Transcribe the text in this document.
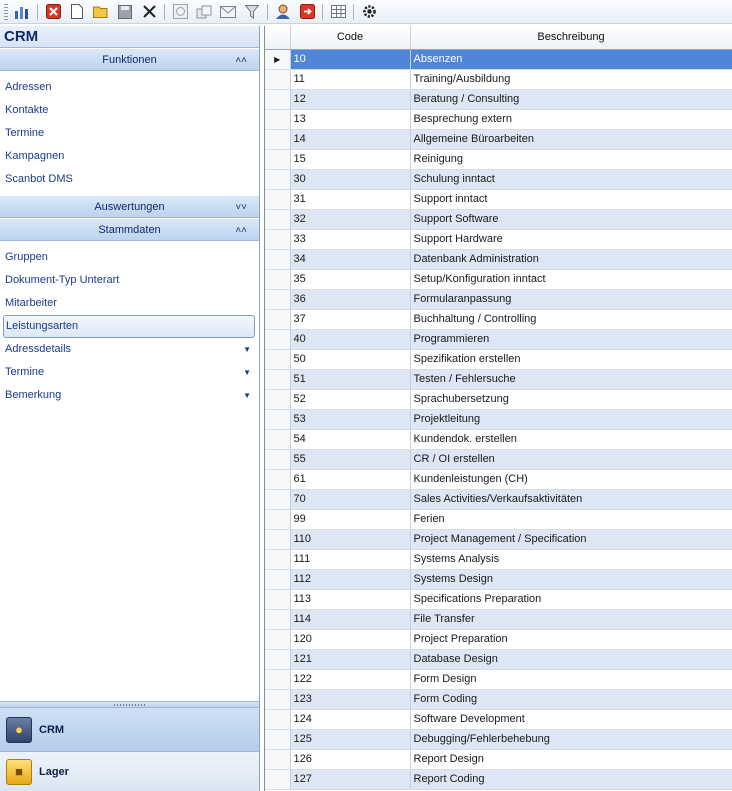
CRM
Funktionen	˄˄
Adressen
Kontakte
Termine
Kampagnen
Scanbot DMS
Auswertungen	˅˅
Stammdaten	˄˄
Gruppen
Dokument-Typ Unterart
Mitarbeiter
Leistungsarten
Adressdetails	▼
Termine	▼
Bemerkung	▼
●	CRM
■	Lager
	Code	Beschreibung
▶	10	Absenzen
	11	Training/Ausbildung
	12	Beratung / Consulting
	13	Besprechung extern
	14	Allgemeine Büroarbeiten
	15	Reinigung
	30	Schulung inntact
	31	Support inntact
	32	Support Software
	33	Support Hardware
	34	Datenbank Administration
	35	Setup/Konfiguration inntact
	36	Formularanpassung
	37	Buchhaltung / Controlling
	40	Programmieren
	50	Spezifikation erstellen
	51	Testen / Fehlersuche
	52	Sprachubersetzung
	53	Projektleitung
	54	Kundendok. erstellen
	55	CR / OI erstellen
	61	Kundenleistungen (CH)
	70	Sales Activities/Verkaufsaktivitäten
	99	Ferien
	110	Project Management / Specification
	111	Systems Analysis
	112	Systems Design
	113	Specifications Preparation
	114	File Transfer
	120	Project Preparation
	121	Database Design
	122	Form Design
	123	Form Coding
	124	Software Development
	125	Debugging/Fehlerbehebung
	126	Report Design
	127	Report Coding
